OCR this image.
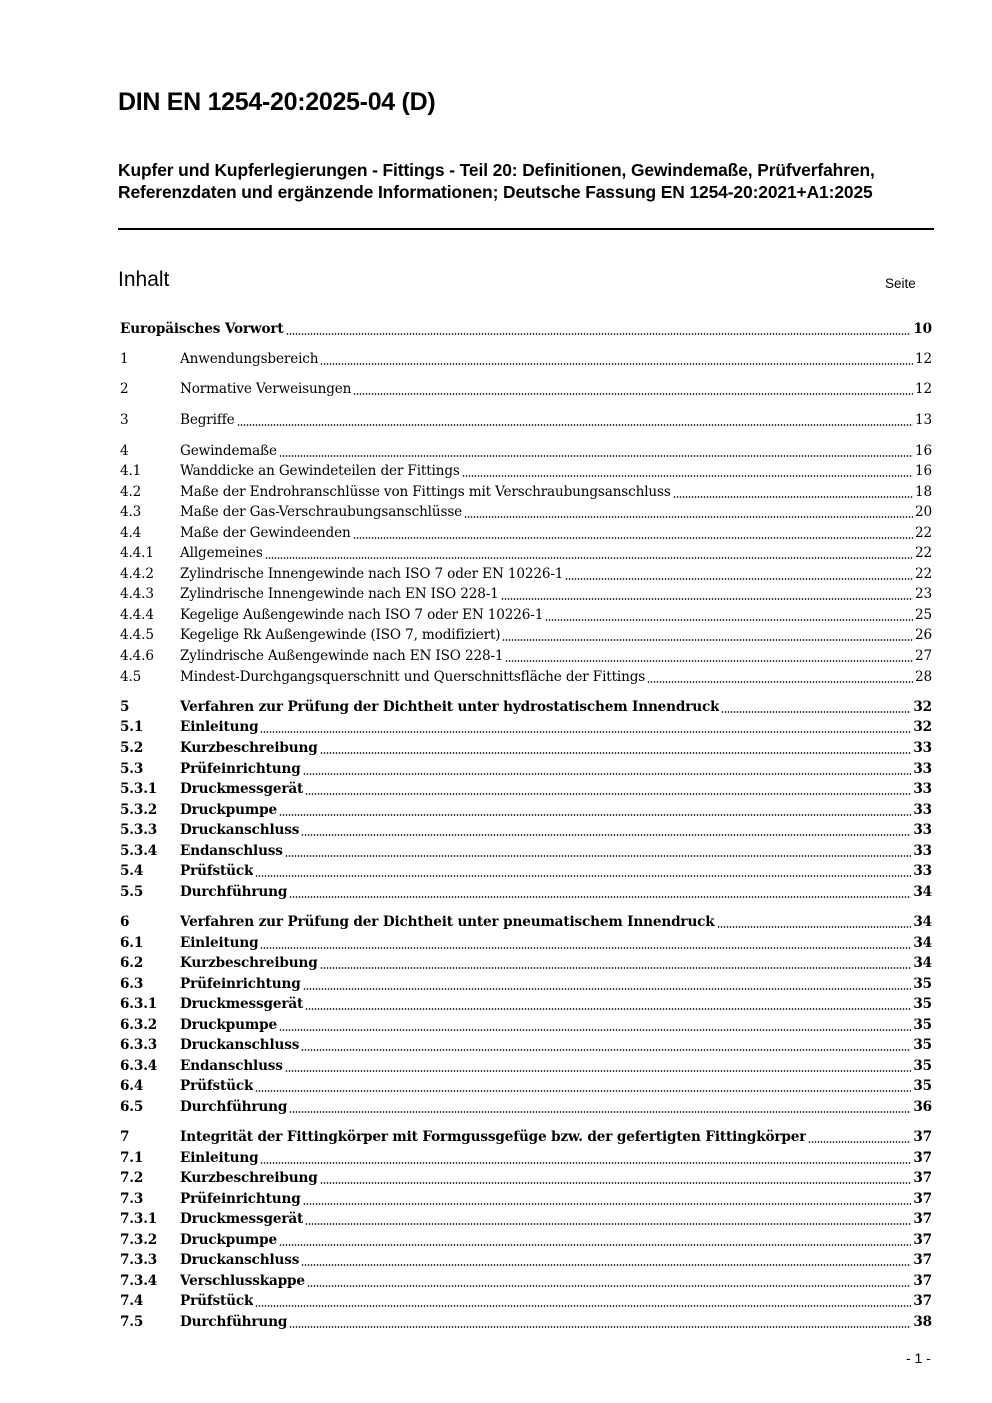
DIN EN 1254-20:2025-04 (D)
Kupfer und Kupferlegierungen - Fittings - Teil 20: Definitionen, Gewindemaße, Prüfverfahren, Referenzdaten und ergänzende Informationen; Deutsche Fassung EN 1254-20:2021+A1:2025
Inhalt	Seite
Europäisches Vorwort	10
1	Anwendungsbereich	12
2	Normative Verweisungen	12
3	Begriffe	13
4	Gewindemaße	16
4.1	Wanddicke an Gewindeteilen der Fittings	16
4.2	Maße der Endrohranschlüsse von Fittings mit Verschraubungsanschluss	18
4.3	Maße der Gas-Verschraubungsanschlüsse	20
4.4	Maße der Gewindeenden	22
4.4.1	Allgemeines	22
4.4.2	Zylindrische Innengewinde nach ISO 7 oder EN 10226-1	22
4.4.3	Zylindrische Innengewinde nach EN ISO 228-1	23
4.4.4	Kegelige Außengewinde nach ISO 7 oder EN 10226-1	25
4.4.5	Kegelige Rk Außengewinde (ISO 7, modifiziert)	26
4.4.6	Zylindrische Außengewinde nach EN ISO 228-1	27
4.5	Mindest-Durchgangsquerschnitt und Querschnittsfläche der Fittings	28
5	Verfahren zur Prüfung der Dichtheit unter hydrostatischem Innendruck	32
5.1	Einleitung	32
5.2	Kurzbeschreibung	33
5.3	Prüfeinrichtung	33
5.3.1	Druckmessgerät	33
5.3.2	Druckpumpe	33
5.3.3	Druckanschluss	33
5.3.4	Endanschluss	33
5.4	Prüfstück	33
5.5	Durchführung	34
6	Verfahren zur Prüfung der Dichtheit unter pneumatischem Innendruck	34
6.1	Einleitung	34
6.2	Kurzbeschreibung	34
6.3	Prüfeinrichtung	35
6.3.1	Druckmessgerät	35
6.3.2	Druckpumpe	35
6.3.3	Druckanschluss	35
6.3.4	Endanschluss	35
6.4	Prüfstück	35
6.5	Durchführung	36
7	Integrität der Fittingkörper mit Formgussgefüge bzw. der gefertigten Fittingkörper	37
7.1	Einleitung	37
7.2	Kurzbeschreibung	37
7.3	Prüfeinrichtung	37
7.3.1	Druckmessgerät	37
7.3.2	Druckpumpe	37
7.3.3	Druckanschluss	37
7.3.4	Verschlusskappe	37
7.4	Prüfstück	37
7.5	Durchführung	38
- 1 -
